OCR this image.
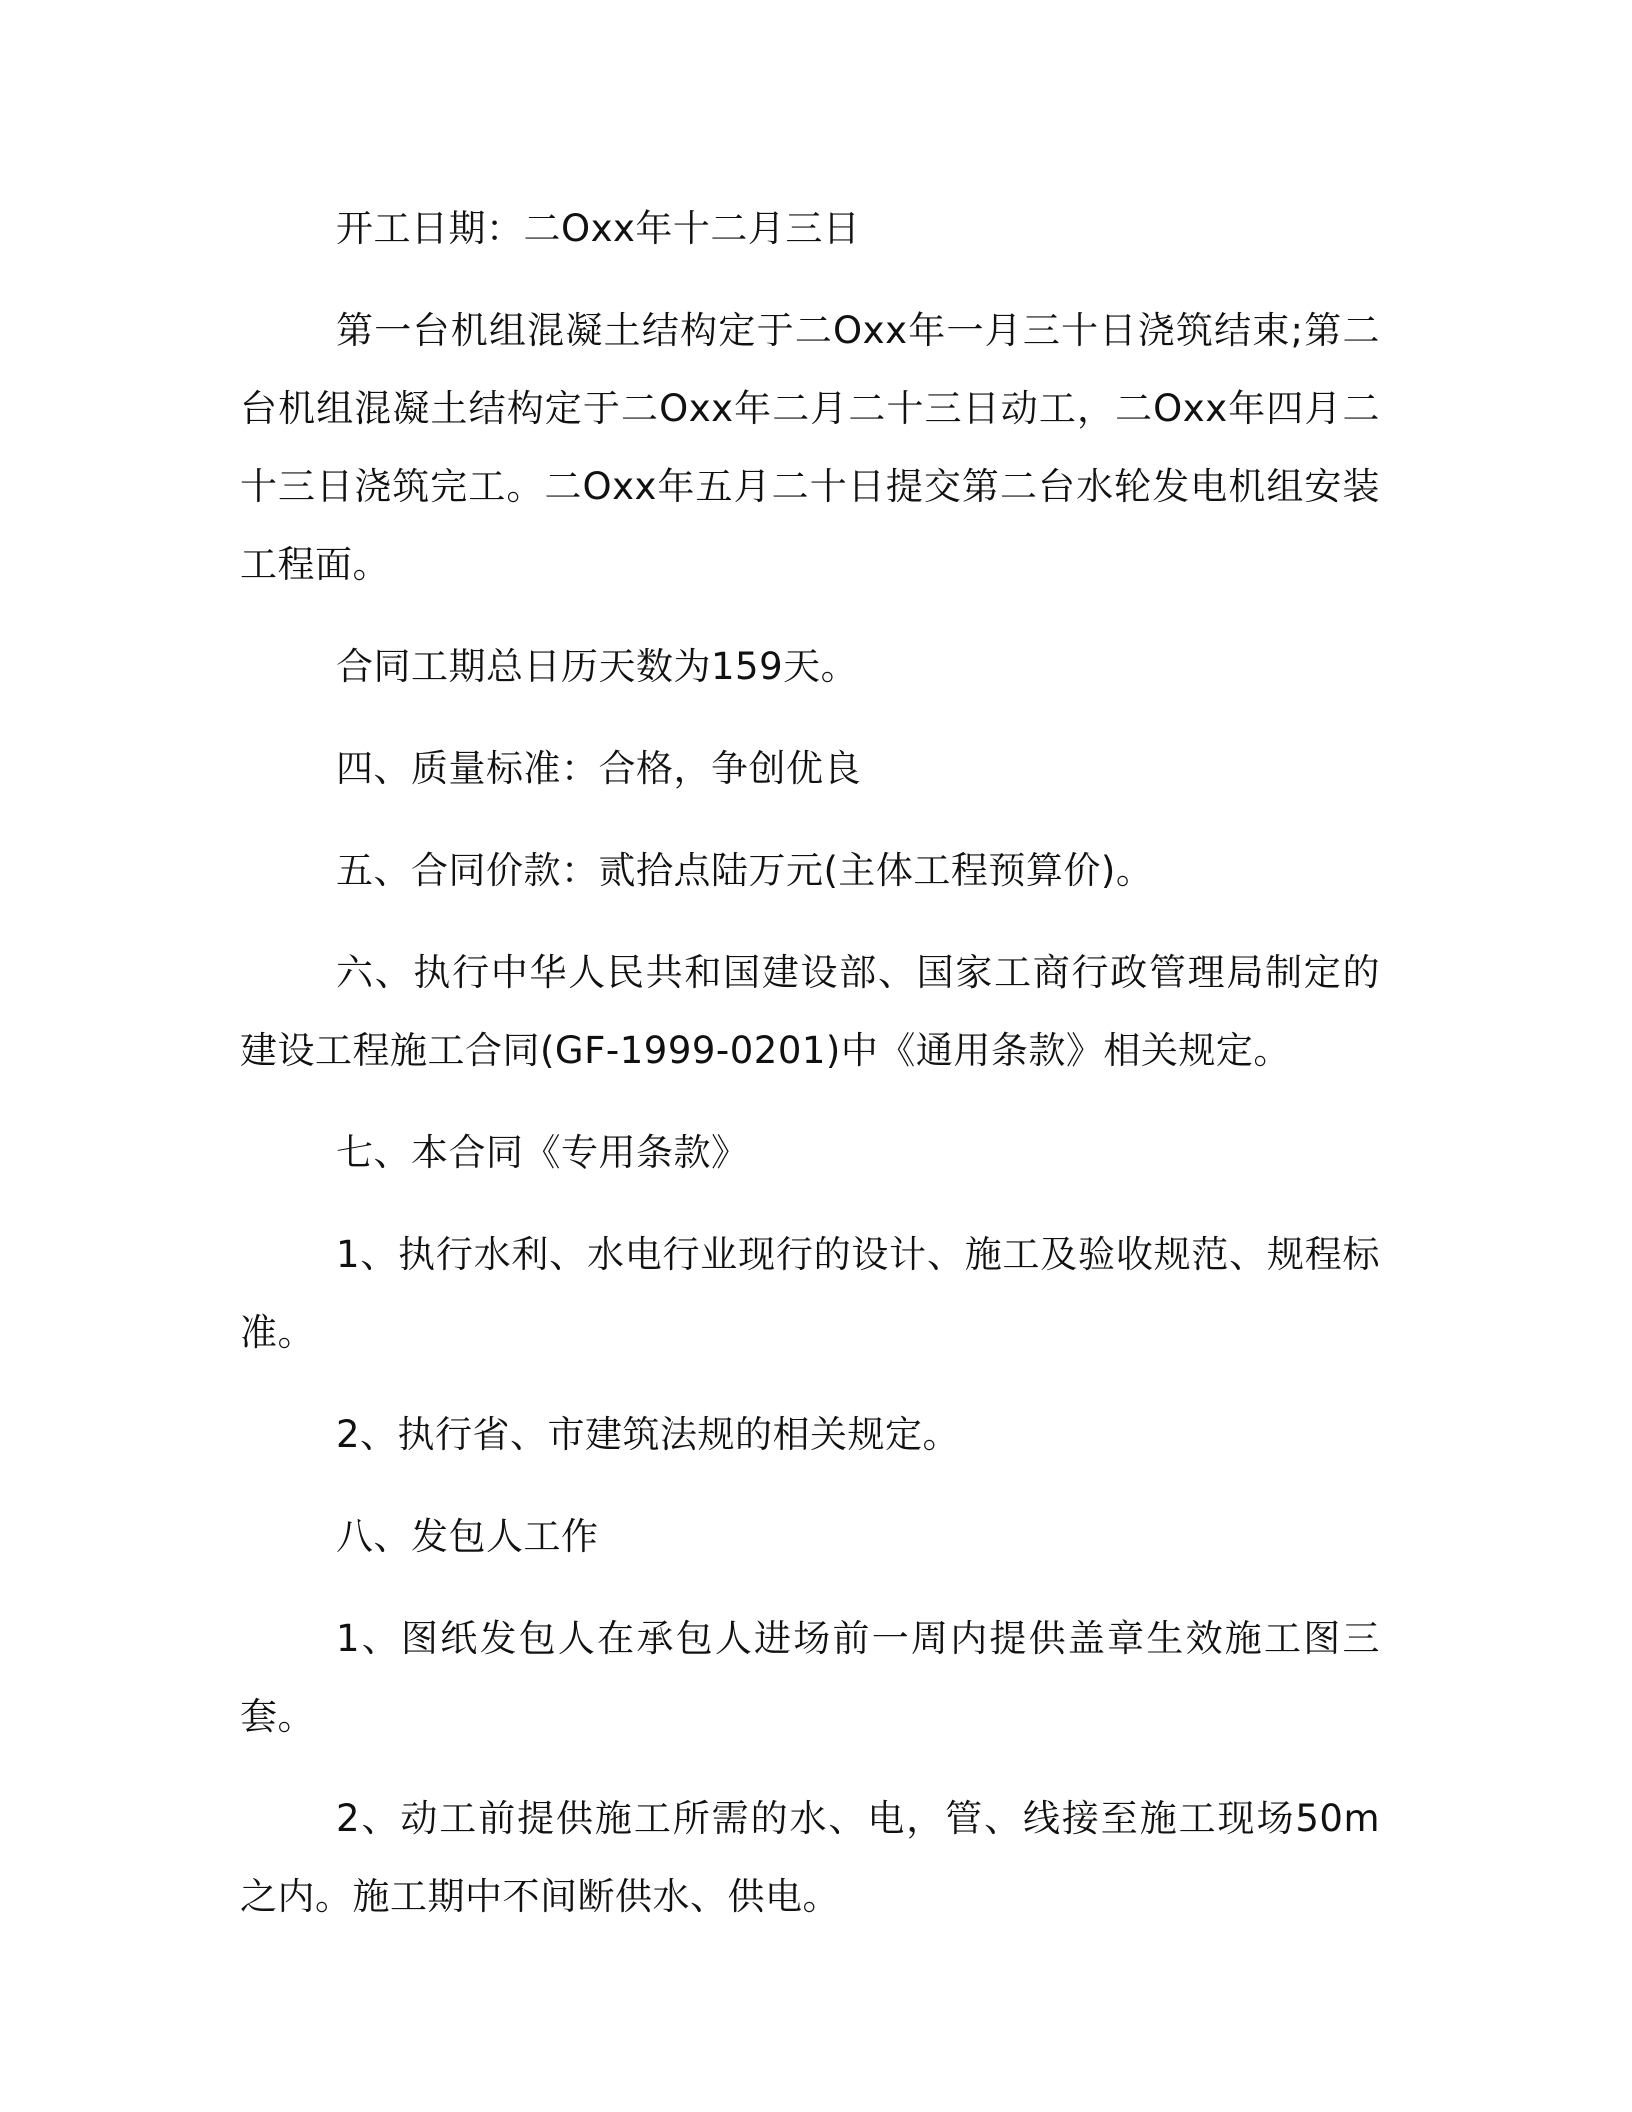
开工日期：二Oxx年十二月三日

第一台机组混凝土结构定于二Oxx年一月三十日浇筑结束;第二台机组混凝土结构定于二Oxx年二月二十三日动工，二Oxx年四月二十三日浇筑完工。二Oxx年五月二十日提交第二台水轮发电机组安装工程面。

合同工期总日历天数为159天。

四、质量标准：合格，争创优良

五、合同价款：贰拾点陆万元(主体工程预算价)。

六、执行中华人民共和国建设部、国家工商行政管理局制定的建设工程施工合同(GF-1999-0201)中《通用条款》相关规定。

七、本合同《专用条款》

1、执行水利、水电行业现行的设计、施工及验收规范、规程标准。

2、执行省、市建筑法规的相关规定。

八、发包人工作

1、图纸发包人在承包人进场前一周内提供盖章生效施工图三套。

2、动工前提供施工所需的水、电，管、线接至施工现场50m之内。施工期中不间断供水、供电。
